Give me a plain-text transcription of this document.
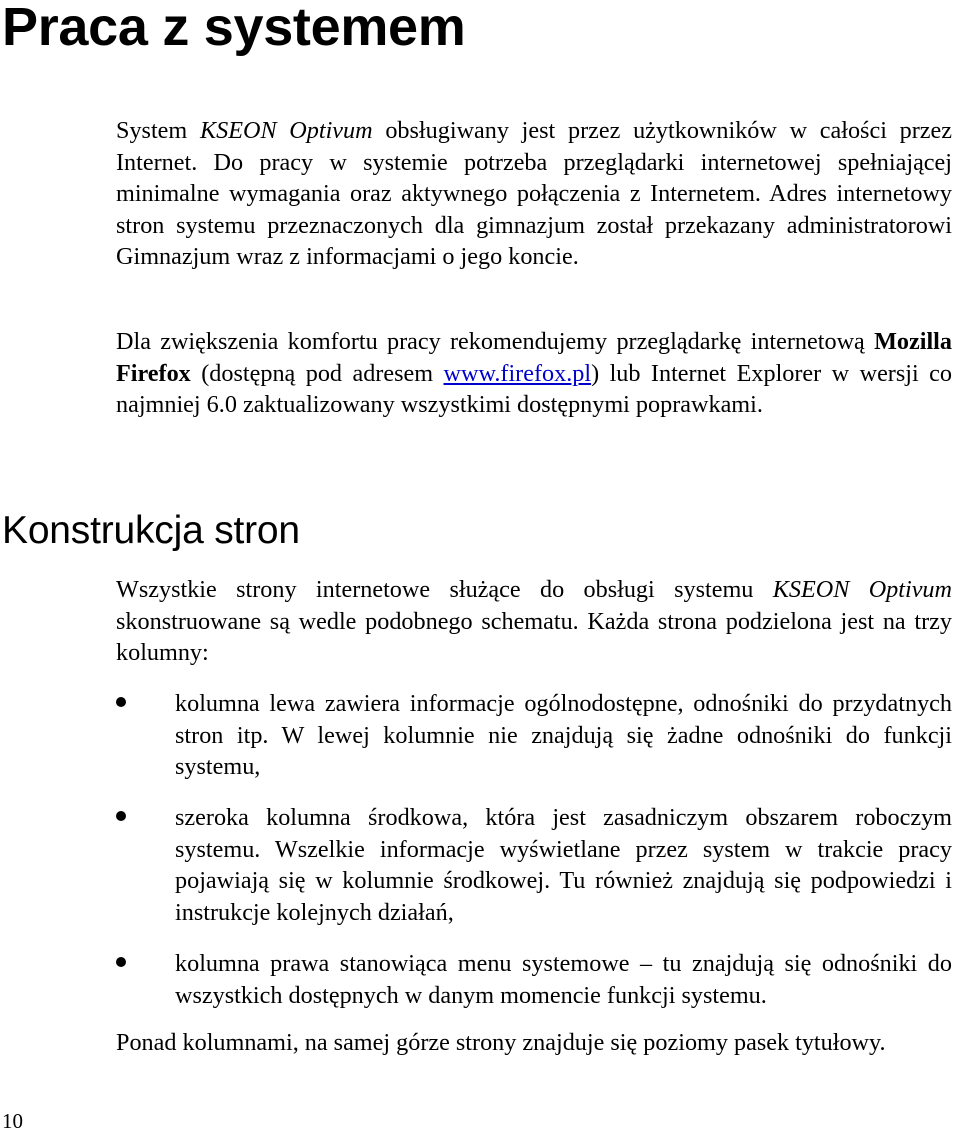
Praca z systemem

System KSEON Optivum obsługiwany jest przez użytkowników w całości przez Internet. Do pracy w systemie potrzeba przeglądarki internetowej spełniającej minimalne wymagania oraz aktywnego połączenia z Internetem. Adres internetowy stron systemu przeznaczonych dla gimnazjum został przekazany administratorowi Gimnazjum wraz z informacjami o jego koncie.

Dla zwiększenia komfortu pracy rekomendujemy przeglądarkę internetową Mozilla Firefox (dostępną pod adresem www.firefox.pl) lub Internet Explorer w wersji co najmniej 6.0 zaktualizowany wszystkimi dostępnymi poprawkami.

Konstrukcja stron

Wszystkie strony internetowe służące do obsługi systemu KSEON Optivum skonstruowane są wedle podobnego schematu. Każda strona podzielona jest na trzy kolumny:

kolumna lewa zawiera informacje ogólnodostępne, odnośniki do przydatnych stron itp. W lewej kolumnie nie znajdują się żadne odnośniki do funkcji systemu,
szeroka kolumna środkowa, która jest zasadniczym obszarem roboczym systemu. Wszelkie informacje wyświetlane przez system w trakcie pracy pojawiają się w kolumnie środkowej. Tu również znajdują się podpowiedzi i instrukcje kolejnych działań,
kolumna prawa stanowiąca menu systemowe – tu znajdują się odnośniki do wszystkich dostępnych w danym momencie funkcji systemu.

Ponad kolumnami, na samej górze strony znajduje się poziomy pasek tytułowy.

10
